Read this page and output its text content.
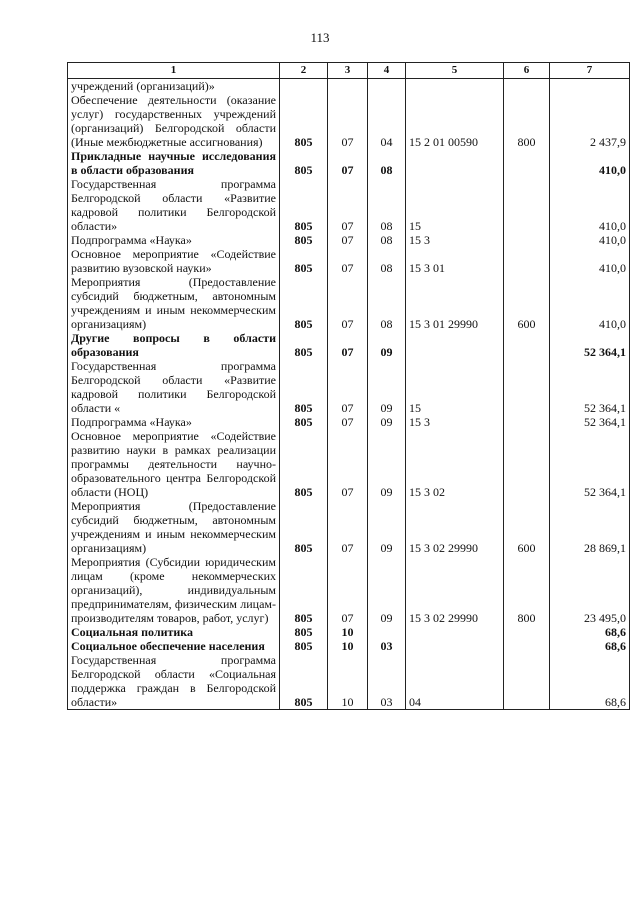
113
1	2	3	4	5	6	7
учреждений (организаций)»						
Обеспечение деятельности (оказание услуг) государственных учреждений (организаций) Белгородской области (Иные межбюджетные ассигнования)	805	07	04	15 2 01 00590	800	2 437,9
Прикладные научные исследования в области образования	805	07	08			410,0
Государственная программа Белгородской области «Развитие кадровой политики Белгородской области»	805	07	08	15		410,0
Подпрограмма «Наука»	805	07	08	15 3		410,0
Основное мероприятие «Содействие развитию вузовской науки»	805	07	08	15 3 01		410,0
Мероприятия (Предоставление субсидий бюджетным, автономным учреждениям и иным некоммерческим организациям)	805	07	08	15 3 01 29990	600	410,0
Другие вопросы в области образования	805	07	09			52 364,1
Государственная программа Белгородской области «Развитие кадровой политики Белгородской области «	805	07	09	15		52 364,1
Подпрограмма «Наука»	805	07	09	15 3		52 364,1
Основное мероприятие «Содействие развитию науки в рамках реализации программы деятельности научно-образовательного центра Белгородской области (НОЦ)	805	07	09	15 3 02		52 364,1
Мероприятия (Предоставление субсидий бюджетным, автономным учреждениям и иным некоммерческим организациям)	805	07	09	15 3 02 29990	600	28 869,1
Мероприятия (Субсидии юридическим лицам (кроме некоммерческих организаций), индивидуальным предпринимателям, физическим лицам-производителям товаров, работ, услуг)	805	07	09	15 3 02 29990	800	23 495,0
Социальная политика	805	10				68,6
Социальное обеспечение населения	805	10	03			68,6
Государственная программа Белгородской области «Социальная поддержка граждан в Белгородской области»	805	10	03	04		68,6
